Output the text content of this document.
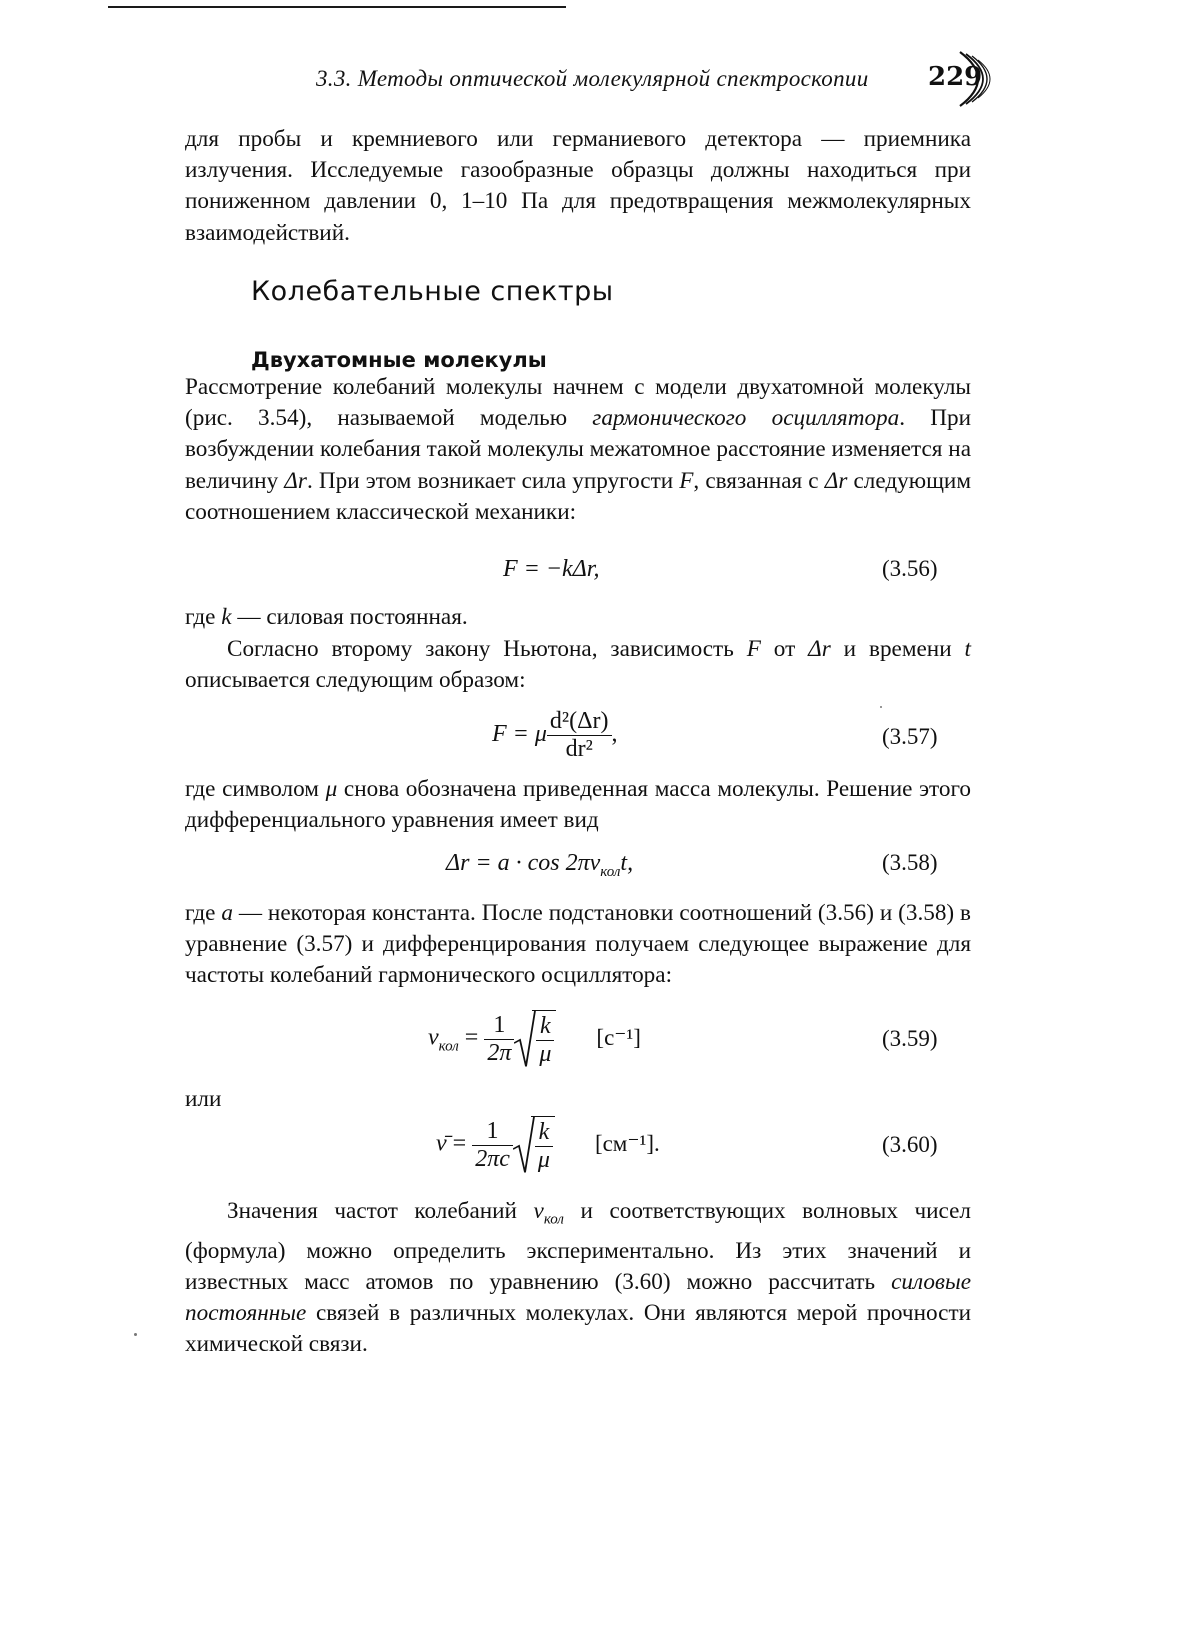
3.3. Методы оптической молекулярной спектроскопии	229
для пробы и кремниевого или германиевого детектора — приемника излучения. Исследуемые газообразные образцы должны находиться при пониженном давлении 0, 1–10 Па для предотвращения межмолекулярных взаимодействий.
Колебательные спектры
Двухатомные молекулы
Рассмотрение колебаний молекулы начнем с модели двухатомной молекулы (рис. 3.54), называемой моделью гармонического осциллятора. При возбуждении колебания такой молекулы межатомное расстояние изменяется на величину Δr. При этом возникает сила упругости F, связанная с Δr следующим соотношением классической механики:
F = −kΔr,	(3.56)
где k — силовая постоянная.
Согласно второму закону Ньютона, зависимость F от Δr и времени t описывается следующим образом:
F = μ $\frac{\text{d²(Δr)}}{\text{dr²}}$ ,	(3.57)
где символом μ снова обозначена приведенная масса молекулы. Решение этого дифференциального уравнения имеет вид
$\Delta r = a \cdot \cos 2\pi\nu_{кол}t$,	(3.58)
где a — некоторая константа. После подстановки соотношений (3.56) и (3.58) в уравнение (3.57) и дифференцирования получаем следующее выражение для частоты колебаний гармонического осциллятора:
$\nu_{кол} = \frac{1}{2\pi} \frac{k}{\mu} [c^{-1}]$	(3.59)
или
ν̄ = $\frac{1}{2\pi c} \frac{k}{\mu} [см^{-1}]$.	(3.60)
Значения частот колебаний $\nu_{кол}$ и соответствующих волновых чисел (формула) можно определить экспериментально. Из этих значений и известных масс атомов по уравнению (3.60) можно рассчитать силовые постоянные связей в различных молекулах. Они являются мерой прочности химической связи.
